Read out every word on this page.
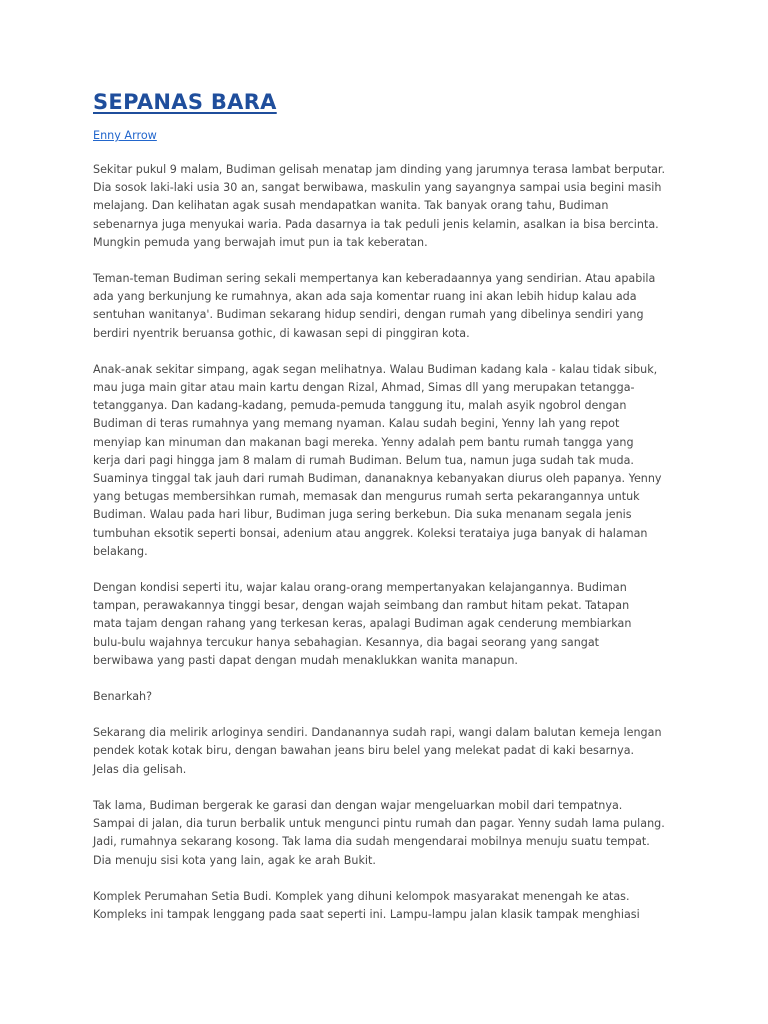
SEPANAS BARA
Enny Arrow

Sekitar pukul 9 malam, Budiman gelisah menatap jam dinding yang jarumnya terasa lambat berputar.
Dia sosok laki-laki usia 30 an, sangat berwibawa, maskulin yang sayangnya sampai usia begini masih
melajang. Dan kelihatan agak susah mendapatkan wanita. Tak banyak orang tahu, Budiman
sebenarnya juga menyukai waria. Pada dasarnya ia tak peduli jenis kelamin, asalkan ia bisa bercinta.
Mungkin pemuda yang berwajah imut pun ia tak keberatan.

Teman-teman Budiman sering sekali mempertanya kan keberadaannya yang sendirian. Atau apabila
ada yang berkunjung ke rumahnya, akan ada saja komentar ruang ini akan lebih hidup kalau ada
sentuhan wanitanya'. Budiman sekarang hidup sendiri, dengan rumah yang dibelinya sendiri yang
berdiri nyentrik beruansa gothic, di kawasan sepi di pinggiran kota.

Anak-anak sekitar simpang, agak segan melihatnya. Walau Budiman kadang kala - kalau tidak sibuk,
mau juga main gitar atau main kartu dengan Rizal, Ahmad, Simas dll yang merupakan tetangga-
tetangganya. Dan kadang-kadang, pemuda-pemuda tanggung itu, malah asyik ngobrol dengan
Budiman di teras rumahnya yang memang nyaman. Kalau sudah begini, Yenny lah yang repot
menyiap kan minuman dan makanan bagi mereka. Yenny adalah pem bantu rumah tangga yang
kerja dari pagi hingga jam 8 malam di rumah Budiman. Belum tua, namun juga sudah tak muda.
Suaminya tinggal tak jauh dari rumah Budiman, dananaknya kebanyakan diurus oleh papanya. Yenny
yang betugas membersihkan rumah, memasak dan mengurus rumah serta pekarangannya untuk
Budiman. Walau pada hari libur, Budiman juga sering berkebun. Dia suka menanam segala jenis
tumbuhan eksotik seperti bonsai, adenium atau anggrek. Koleksi terataiya juga banyak di halaman
belakang.

Dengan kondisi seperti itu, wajar kalau orang-orang mempertanyakan kelajangannya. Budiman
tampan, perawakannya tinggi besar, dengan wajah seimbang dan rambut hitam pekat. Tatapan
mata tajam dengan rahang yang terkesan keras, apalagi Budiman agak cenderung membiarkan
bulu-bulu wajahnya tercukur hanya sebahagian. Kesannya, dia bagai seorang yang sangat
berwibawa yang pasti dapat dengan mudah menaklukkan wanita manapun.

Benarkah?

Sekarang dia melirik arloginya sendiri. Dandanannya sudah rapi, wangi dalam balutan kemeja lengan
pendek kotak kotak biru, dengan bawahan jeans biru belel yang melekat padat di kaki besarnya.
Jelas dia gelisah.

Tak lama, Budiman bergerak ke garasi dan dengan wajar mengeluarkan mobil dari tempatnya.
Sampai di jalan, dia turun berbalik untuk mengunci pintu rumah dan pagar. Yenny sudah lama pulang.
Jadi, rumahnya sekarang kosong. Tak lama dia sudah mengendarai mobilnya menuju suatu tempat.
Dia menuju sisi kota yang lain, agak ke arah Bukit.

Komplek Perumahan Setia Budi. Komplek yang dihuni kelompok masyarakat menengah ke atas.
Kompleks ini tampak lenggang pada saat seperti ini. Lampu-lampu jalan klasik tampak menghiasi
